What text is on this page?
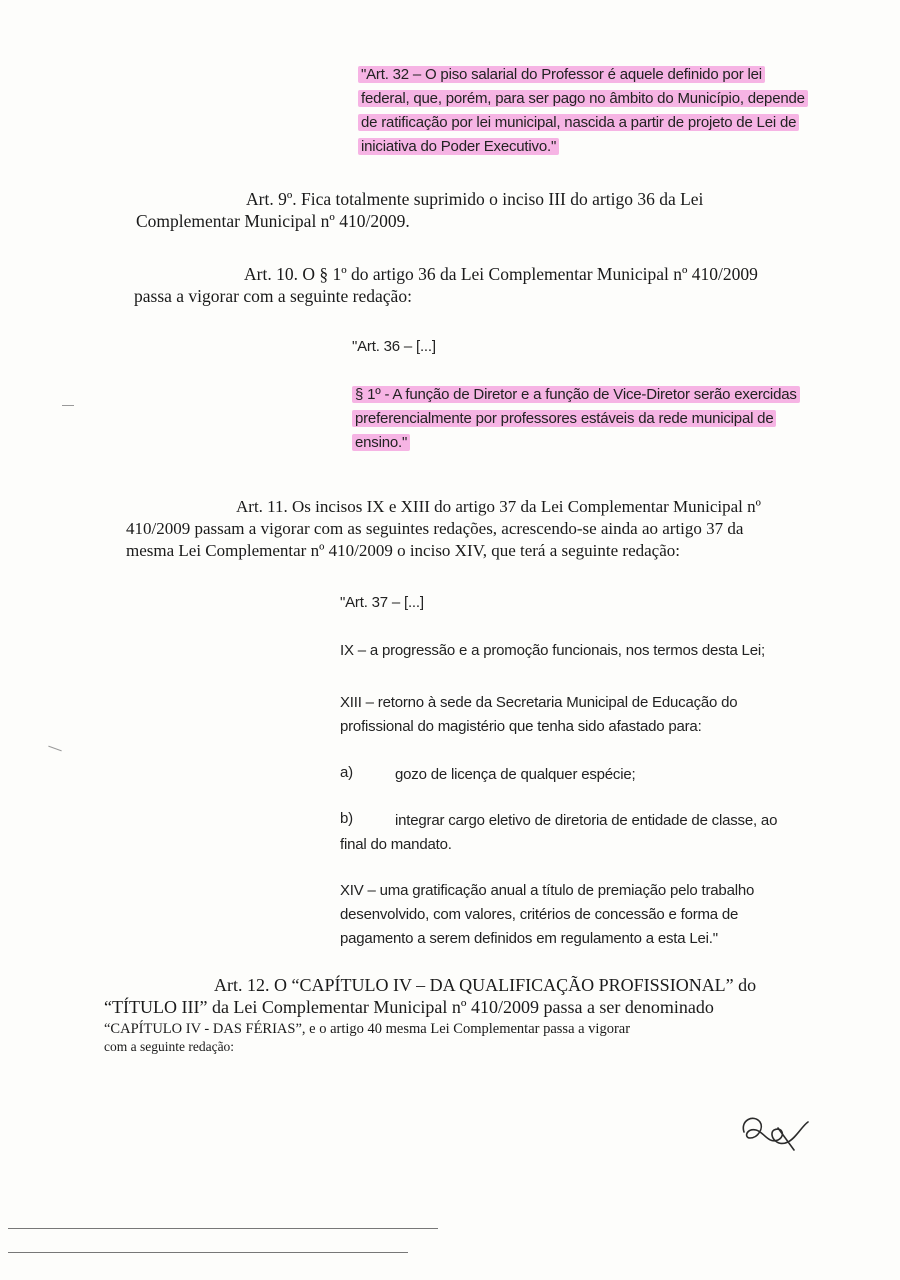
"Art. 32 – O piso salarial do Professor é aquele definido por lei
federal, que, porém, para ser pago no âmbito do Município, depende
de ratificação por lei municipal, nascida a partir de projeto de Lei de
iniciativa do Poder Executivo."
Art. 9º. Fica totalmente suprimido o inciso III do artigo 36 da Lei
Complementar Municipal nº 410/2009.
Art. 10. O § 1º do artigo 36 da Lei Complementar Municipal nº 410/2009
passa a vigorar com a seguinte redação:
"Art. 36 – [...]
§ 1º - A função de Diretor e a função de Vice-Diretor serão exercidas
preferencialmente por professores estáveis da rede municipal de
ensino."
Art. 11. Os incisos IX e XIII do artigo 37 da Lei Complementar Municipal nº
410/2009 passam a vigorar com as seguintes redações, acrescendo-se ainda ao artigo 37 da
mesma Lei Complementar nº 410/2009 o inciso XIV, que terá a seguinte redação:
"Art. 37 – [...]
IX – a progressão e a promoção funcionais, nos termos desta Lei;
XIII – retorno à sede da Secretaria Municipal de Educação do
profissional do magistério que tenha sido afastado para:
a)	gozo de licença de qualquer espécie;
b)	integrar cargo eletivo de diretoria de entidade de classe, ao
final do mandato.
XIV – uma gratificação anual a título de premiação pelo trabalho
desenvolvido, com valores, critérios de concessão e forma de
pagamento a serem definidos em regulamento a esta Lei."
Art. 12. O “CAPÍTULO IV – DA QUALIFICAÇÃO PROFISSIONAL” do
“TÍTULO III” da Lei Complementar Municipal nº 410/2009 passa a ser denominado
“CAPÍTULO IV - DAS FÉRIAS”, e o artigo 40 mesma Lei Complementar passa a vigorar
com a seguinte redação:
